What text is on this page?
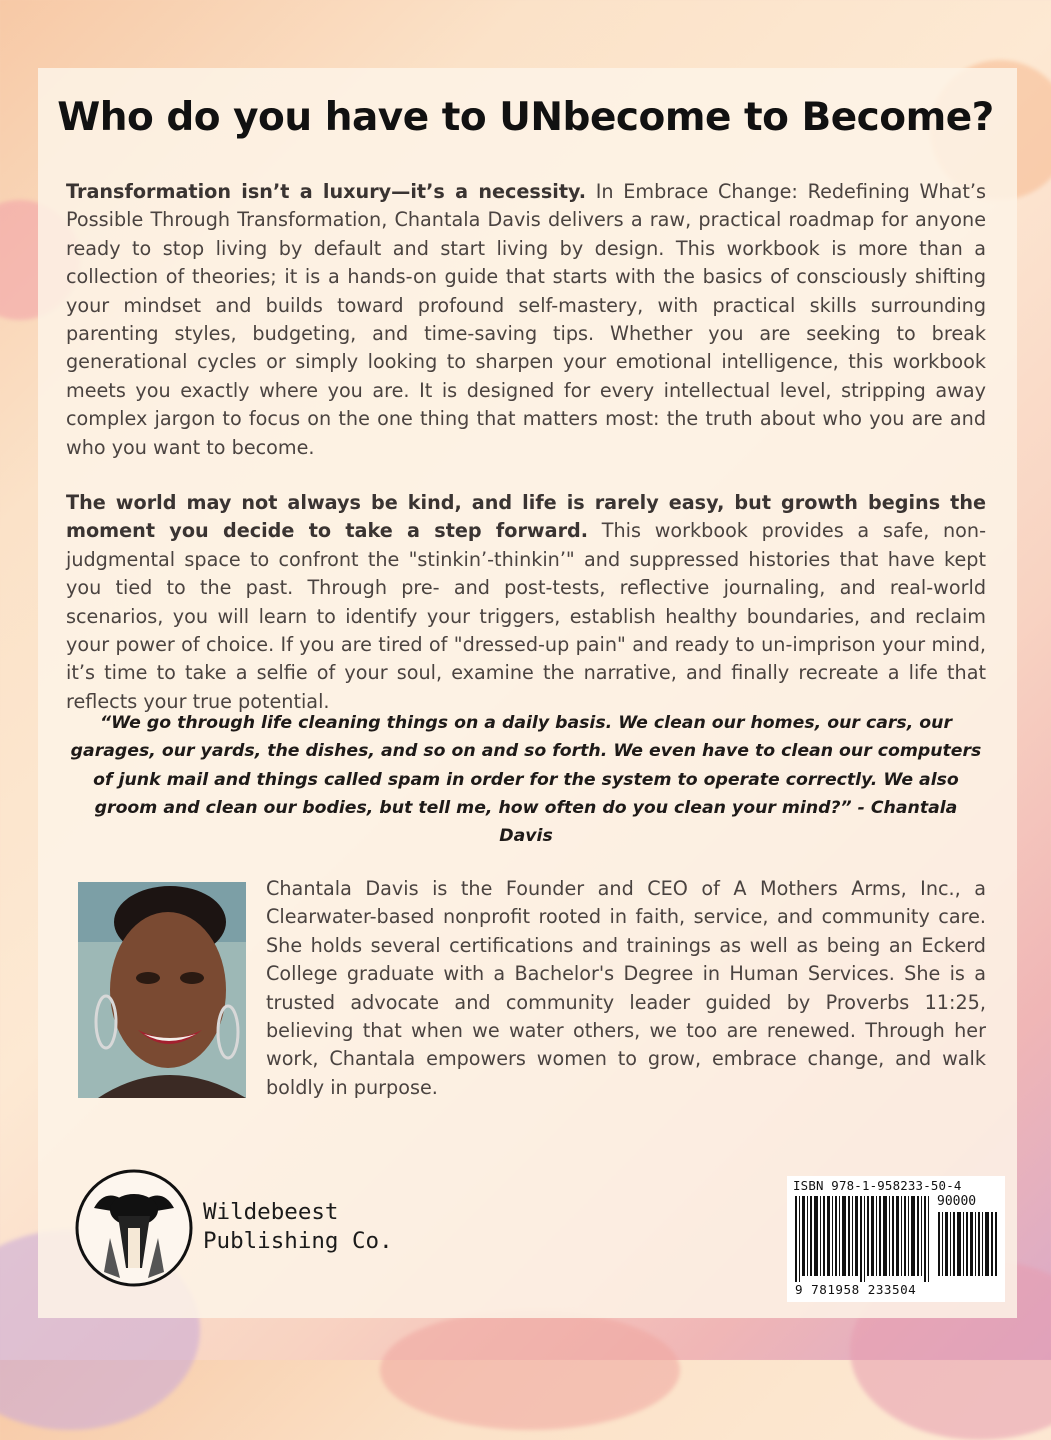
Who do you have to UNbecome to Become?

Transformation isn’t a luxury—it’s a necessity. In Embrace Change: Redefining What’s Possible Through Transformation, Chantala Davis delivers a raw, practical roadmap for anyone ready to stop living by default and start living by design. This workbook is more than a collection of theories; it is a hands-on guide that starts with the basics of consciously shifting your mindset and builds toward profound self-mastery, with practical skills surrounding parenting styles, budgeting, and time-saving tips. Whether you are seeking to break generational cycles or simply looking to sharpen your emotional intelligence, this workbook meets you exactly where you are. It is designed for every intellectual level, stripping away complex jargon to focus on the one thing that matters most: the truth about who you are and who you want to become.

The world may not always be kind, and life is rarely easy, but growth begins the moment you decide to take a step forward. This workbook provides a safe, non-judgmental space to confront the "stinkin’-thinkin’" and suppressed histories that have kept you tied to the past. Through pre- and post-tests, reflective journaling, and real-world scenarios, you will learn to identify your triggers, establish healthy boundaries, and reclaim your power of choice. If you are tired of "dressed-up pain" and ready to un-imprison your mind, it’s time to take a selfie of your soul, examine the narrative, and finally recreate a life that reflects your true potential.

“We go through life cleaning things on a daily basis. We clean our homes, our cars, our garages, our yards, the dishes, and so on and so forth. We even have to clean our computers of junk mail and things called spam in order for the system to operate correctly. We also groom and clean our bodies, but tell me, how often do you clean your mind?” - Chantala Davis

Chantala Davis is the Founder and CEO of A Mothers Arms, Inc., a Clearwater-based nonprofit rooted in faith, service, and community care. She holds several certifications and trainings as well as being an Eckerd College graduate with a Bachelor's Degree in Human Services. She is a trusted advocate and community leader guided by Proverbs 11:25, believing that when we water others, we too are renewed. Through her work, Chantala empowers women to grow, embrace change, and walk boldly in purpose.

Wildebeest
Publishing Co.

ISBN 978-1-958233-50-4

90000

9 781958 233504
